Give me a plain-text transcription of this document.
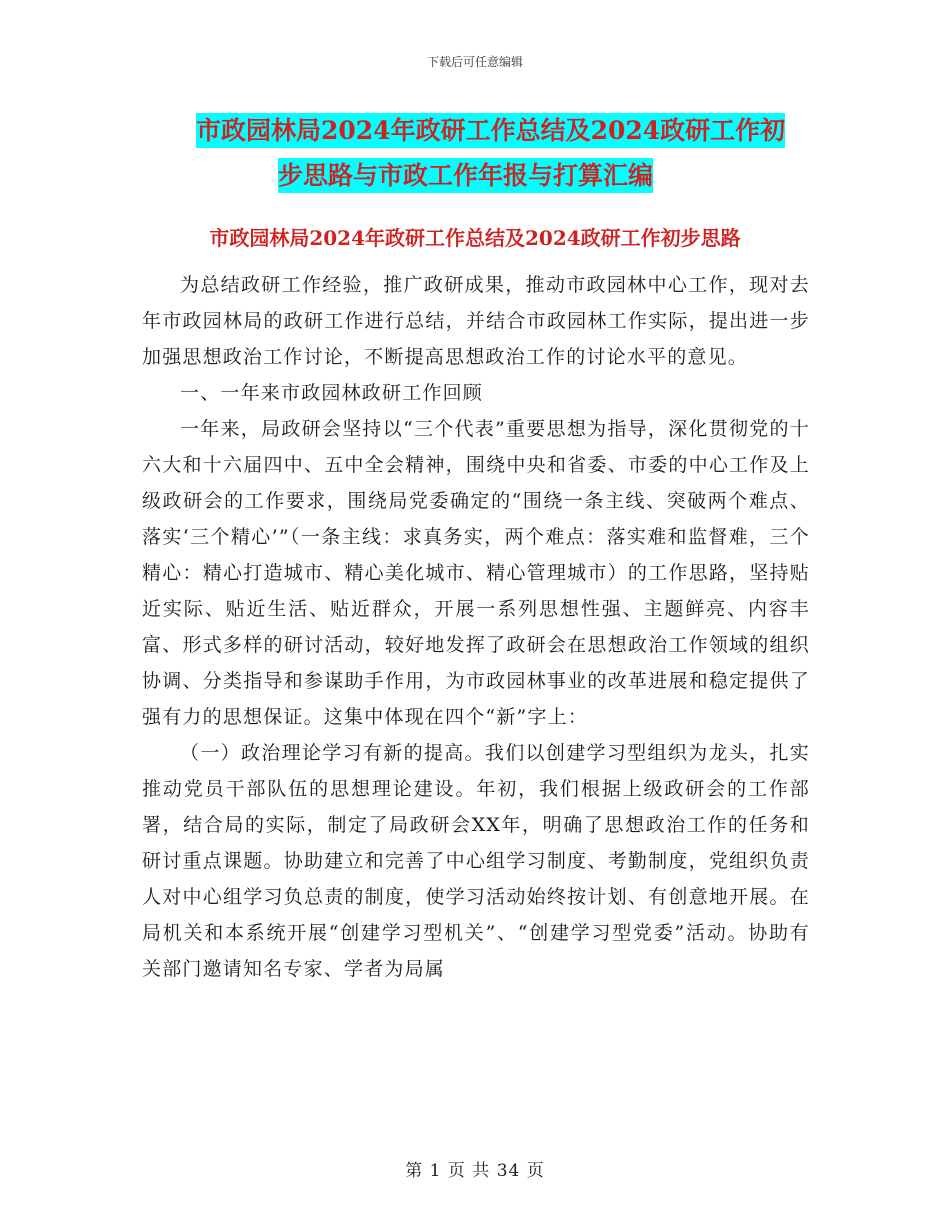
下载后可任意编辑
市政园林局2024年政研工作总结及2024政研工作初
步思路与市政工作年报与打算汇编
市政园林局2024年政研工作总结及2024政研工作初步思路

为总结政研工作经验，推广政研成果，推动市政园林中心工作，现对去年市政园林局的政研工作进行总结，并结合市政园林工作实际，提出进一步加强思想政治工作讨论，不断提高思想政治工作的讨论水平的意见。

一、一年来市政园林政研工作回顾

一年来，局政研会坚持以“三个代表”重要思想为指导，深化贯彻党的十六大和十六届四中、五中全会精神，围绕中央和省委、市委的中心工作及上级政研会的工作要求，围绕局党委确定的“围绕一条主线、突破两个难点、落实‘三个精心’”（一条主线：求真务实，两个难点：落实难和监督难，三个精心：精心打造城市、精心美化城市、精心管理城市）的工作思路，坚持贴近实际、贴近生活、贴近群众，开展一系列思想性强、主题鲜亮、内容丰富、形式多样的研讨活动，较好地发挥了政研会在思想政治工作领域的组织协调、分类指导和参谋助手作用，为市政园林事业的改革进展和稳定提供了强有力的思想保证。这集中体现在四个“新”字上：

（一）政治理论学习有新的提高。我们以创建学习型组织为龙头，扎实推动党员干部队伍的思想理论建设。年初，我们根据上级政研会的工作部署，结合局的实际，制定了局政研会XX年，明确了思想政治工作的任务和研讨重点课题。协助建立和完善了中心组学习制度、考勤制度，党组织负责人对中心组学习负总责的制度，使学习活动始终按计划、有创意地开展。在局机关和本系统开展“创建学习型机关”、“创建学习型党委”活动。协助有关部门邀请知名专家、学者为局属

第 1 页 共 34 页
